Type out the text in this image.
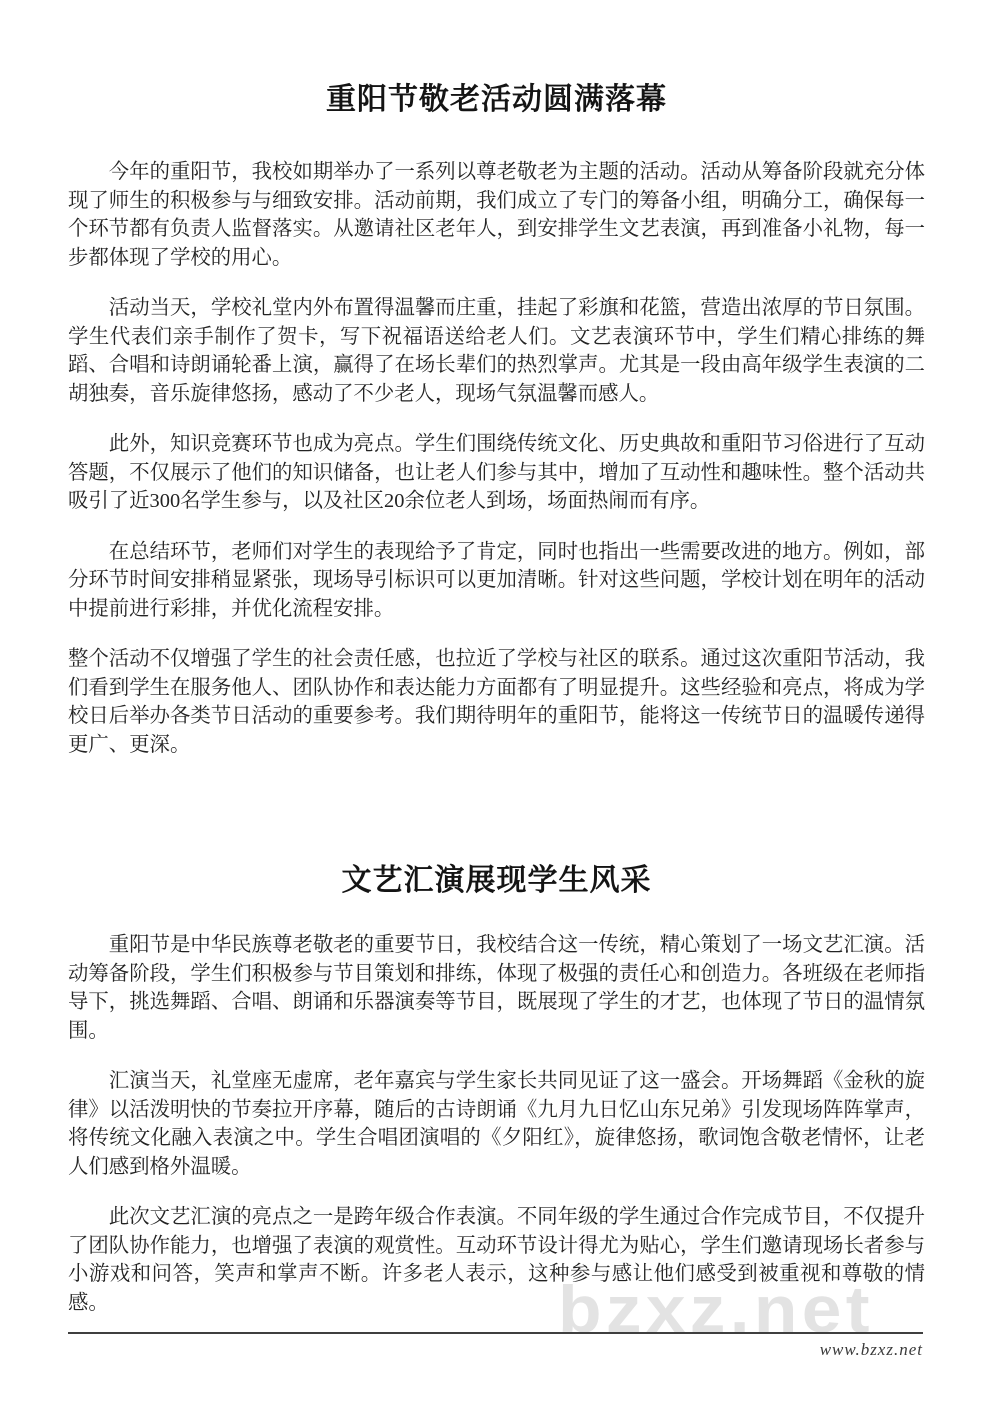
bzxz.net
重阳节敬老活动圆满落幕

今年的重阳节，我校如期举办了一系列以尊老敬老为主题的活动。活动从筹备阶段就充分体现了师生的积极参与与细致安排。活动前期，我们成立了专门的筹备小组，明确分工，确保每一个环节都有负责人监督落实。从邀请社区老年人，到安排学生文艺表演，再到准备小礼物，每一步都体现了学校的用心。

活动当天，学校礼堂内外布置得温馨而庄重，挂起了彩旗和花篮，营造出浓厚的节日氛围。学生代表们亲手制作了贺卡，写下祝福语送给老人们。文艺表演环节中，学生们精心排练的舞蹈、合唱和诗朗诵轮番上演，赢得了在场长辈们的热烈掌声。尤其是一段由高年级学生表演的二胡独奏，音乐旋律悠扬，感动了不少老人，现场气氛温馨而感人。

此外，知识竞赛环节也成为亮点。学生们围绕传统文化、历史典故和重阳节习俗进行了互动答题，不仅展示了他们的知识储备，也让老人们参与其中，增加了互动性和趣味性。整个活动共吸引了近300名学生参与，以及社区20余位老人到场，场面热闹而有序。

在总结环节，老师们对学生的表现给予了肯定，同时也指出一些需要改进的地方。例如，部分环节时间安排稍显紧张，现场导引标识可以更加清晰。针对这些问题，学校计划在明年的活动中提前进行彩排，并优化流程安排。

整个活动不仅增强了学生的社会责任感，也拉近了学校与社区的联系。通过这次重阳节活动，我们看到学生在服务他人、团队协作和表达能力方面都有了明显提升。这些经验和亮点，将成为学校日后举办各类节日活动的重要参考。我们期待明年的重阳节，能将这一传统节日的温暖传递得更广、更深。

文艺汇演展现学生风采

重阳节是中华民族尊老敬老的重要节日，我校结合这一传统，精心策划了一场文艺汇演。活动筹备阶段，学生们积极参与节目策划和排练，体现了极强的责任心和创造力。各班级在老师指导下，挑选舞蹈、合唱、朗诵和乐器演奏等节目，既展现了学生的才艺，也体现了节日的温情氛围。

汇演当天，礼堂座无虚席，老年嘉宾与学生家长共同见证了这一盛会。开场舞蹈《金秋的旋律》以活泼明快的节奏拉开序幕，随后的古诗朗诵《九月九日忆山东兄弟》引发现场阵阵掌声，将传统文化融入表演之中。学生合唱团演唱的《夕阳红》，旋律悠扬，歌词饱含敬老情怀，让老人们感到格外温暖。

此次文艺汇演的亮点之一是跨年级合作表演。不同年级的学生通过合作完成节目，不仅提升了团队协作能力，也增强了表演的观赏性。互动环节设计得尤为贴心，学生们邀请现场长者参与小游戏和问答，笑声和掌声不断。许多老人表示，这种参与感让他们感受到被重视和尊敬的情感。

www.bzxz.net
